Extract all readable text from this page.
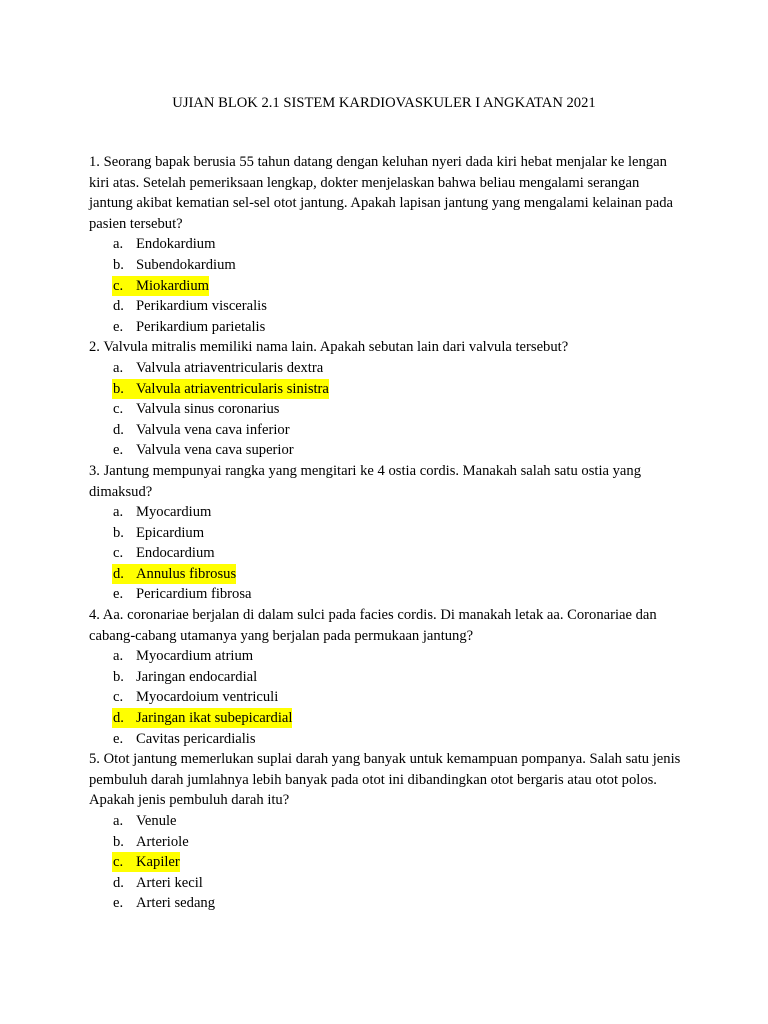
UJIAN BLOK 2.1 SISTEM KARDIOVASKULER I ANGKATAN 2021

1. Seorang bapak berusia 55 tahun datang dengan keluhan nyeri dada kiri hebat menjalar ke lengan kiri atas. Setelah pemeriksaan lengkap, dokter menjelaskan bahwa beliau mengalami serangan jantung akibat kematian sel-sel otot jantung. Apakah lapisan jantung yang mengalami kelainan pada pasien tersebut?

a. Endokardium
b. Subendokardium
c. Miokardium
d. Perikardium visceralis
e. Perikardium parietalis

2. Valvula mitralis memiliki nama lain. Apakah sebutan lain dari valvula tersebut?

a. Valvula atriaventricularis dextra
b. Valvula atriaventricularis sinistra
c. Valvula sinus coronarius
d. Valvula vena cava inferior
e. Valvula vena cava superior

3. Jantung mempunyai rangka yang mengitari ke 4 ostia cordis. Manakah salah satu ostia yang dimaksud?

a. Myocardium
b. Epicardium
c. Endocardium
d. Annulus fibrosus
e. Pericardium fibrosa

4. Aa. coronariae berjalan di dalam sulci pada facies cordis. Di manakah letak aa. Coronariae dan cabang-cabang utamanya yang berjalan pada permukaan jantung?

a. Myocardium atrium
b. Jaringan endocardial
c. Myocardoium ventriculi
d. Jaringan ikat subepicardial
e. Cavitas pericardialis

5. Otot jantung memerlukan suplai darah yang banyak untuk kemampuan pompanya. Salah satu jenis pembuluh darah jumlahnya lebih banyak pada otot ini dibandingkan otot bergaris atau otot polos. Apakah jenis pembuluh darah itu?

a. Venule
b. Arteriole
c. Kapiler
d. Arteri kecil
e. Arteri sedang
